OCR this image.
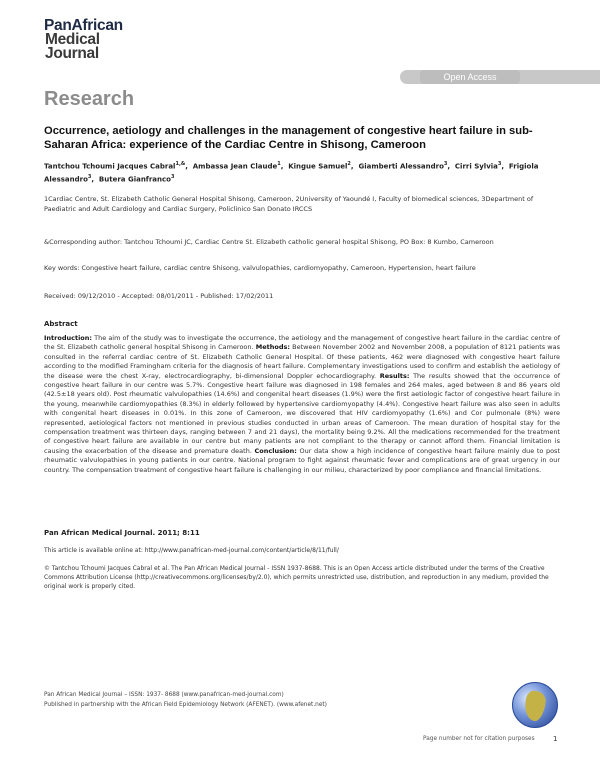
PanAfrican
Medical
Journal
Open Access
Research
Occurrence, aetiology and challenges in the management of congestive heart failure in sub-Saharan Africa: experience of the Cardiac Centre in Shisong, Cameroon
Tantchou Tchoumi Jacques Cabral$^{1,\&}$,  Ambassa Jean Claude$^1$,  Kingue Samuel$^2$,  Giamberti Alessandro$^3$,  Cirri Sylvia$^3$,  Frigiola Alessandro$^3$,  Butera Gianfranco$^3$
1Cardiac Centre, St. Elizabeth Catholic General Hospital Shisong, Cameroon, 2University of Yaoundé I, Faculty of biomedical sciences, 3Department of Paediatric and Adult Cardiology and Cardiac Surgery, Policlinico San Donato IRCCS
&Corresponding author: Tantchou Tchoumi JC, Cardiac Centre St. Elizabeth catholic general hospital Shisong, PO Box: 8 Kumbo, Cameroon
Key words: Congestive heart failure, cardiac centre Shisong, valvulopathies, cardiomyopathy, Cameroon, Hypertension, heart failure
Received: 09/12/2010 - Accepted: 08/01/2011 - Published: 17/02/2011
Abstract
Introduction: The aim of the study was to investigate the occurrence, the aetiology and the management of congestive heart failure in the cardiac centre of the St. Elizabeth catholic general hospital Shisong in Cameroon. Methods: Between November 2002 and November 2008, a population of 8121 patients was consulted in the referral cardiac centre of St. Elizabeth Catholic General Hospital. Of these patients, 462 were diagnosed with congestive heart failure according to the modified Framingham criteria for the diagnosis of heart failure. Complementary investigations used to confirm and establish the aetiology of the disease were the chest X-ray, electrocardiography, bi-dimensional Doppler echocardiography. Results: The results showed that the occurrence of congestive heart failure in our centre was 5.7%. Congestive heart failure was diagnosed in 198 females and 264 males, aged between 8 and 86 years old (42.5±18 years old). Post rheumatic valvulopathies (14.6%) and congenital heart diseases (1.9%) were the first aetiologic factor of congestive heart failure in the young, meanwhile cardiomyopathies (8.3%) in elderly followed by hypertensive cardiomyopathy (4.4%). Congestive heart failure was also seen in adults with congenital heart diseases in 0.01%. In this zone of Cameroon, we discovered that HIV cardiomyopathy (1.6%) and Cor pulmonale (8%) were represented, aetiological factors not mentioned in previous studies conducted in urban areas of Cameroon. The mean duration of hospital stay for the compensation treatment was thirteen days, ranging between 7 and 21 days), the mortality being 9.2%. All the medications recommended for the treatment of congestive heart failure are available in our centre but many patients are not compliant to the therapy or cannot afford them. Financial limitation is causing the exacerbation of the disease and premature death. Conclusion: Our data show a high incidence of congestive heart failure mainly due to post rheumatic valvulopathies in young patients in our centre. National program to fight against rheumatic fever and complications are of great urgency in our country. The compensation treatment of congestive heart failure is challenging in our milieu, characterized by poor compliance and financial limitations.
Pan African Medical Journal. 2011; 8:11
This article is available online at: http://www.panafrican-med-journal.com/content/article/8/11/full/
© Tantchou Tchoumi Jacques Cabral et al. The Pan African Medical Journal - ISSN 1937-8688. This is an Open Access article distributed under the terms of the Creative Commons Attribution License (http://creativecommons.org/licenses/by/2.0), which permits unrestricted use, distribution, and reproduction in any medium, provided the original work is properly cited.
Pan African Medical Journal – ISSN: 1937- 8688 (www.panafrican-med-journal.com)
Published in partnership with the African Field Epidemiology Network (AFENET). (www.afenet.net)
Page number not for citation purposes	1
